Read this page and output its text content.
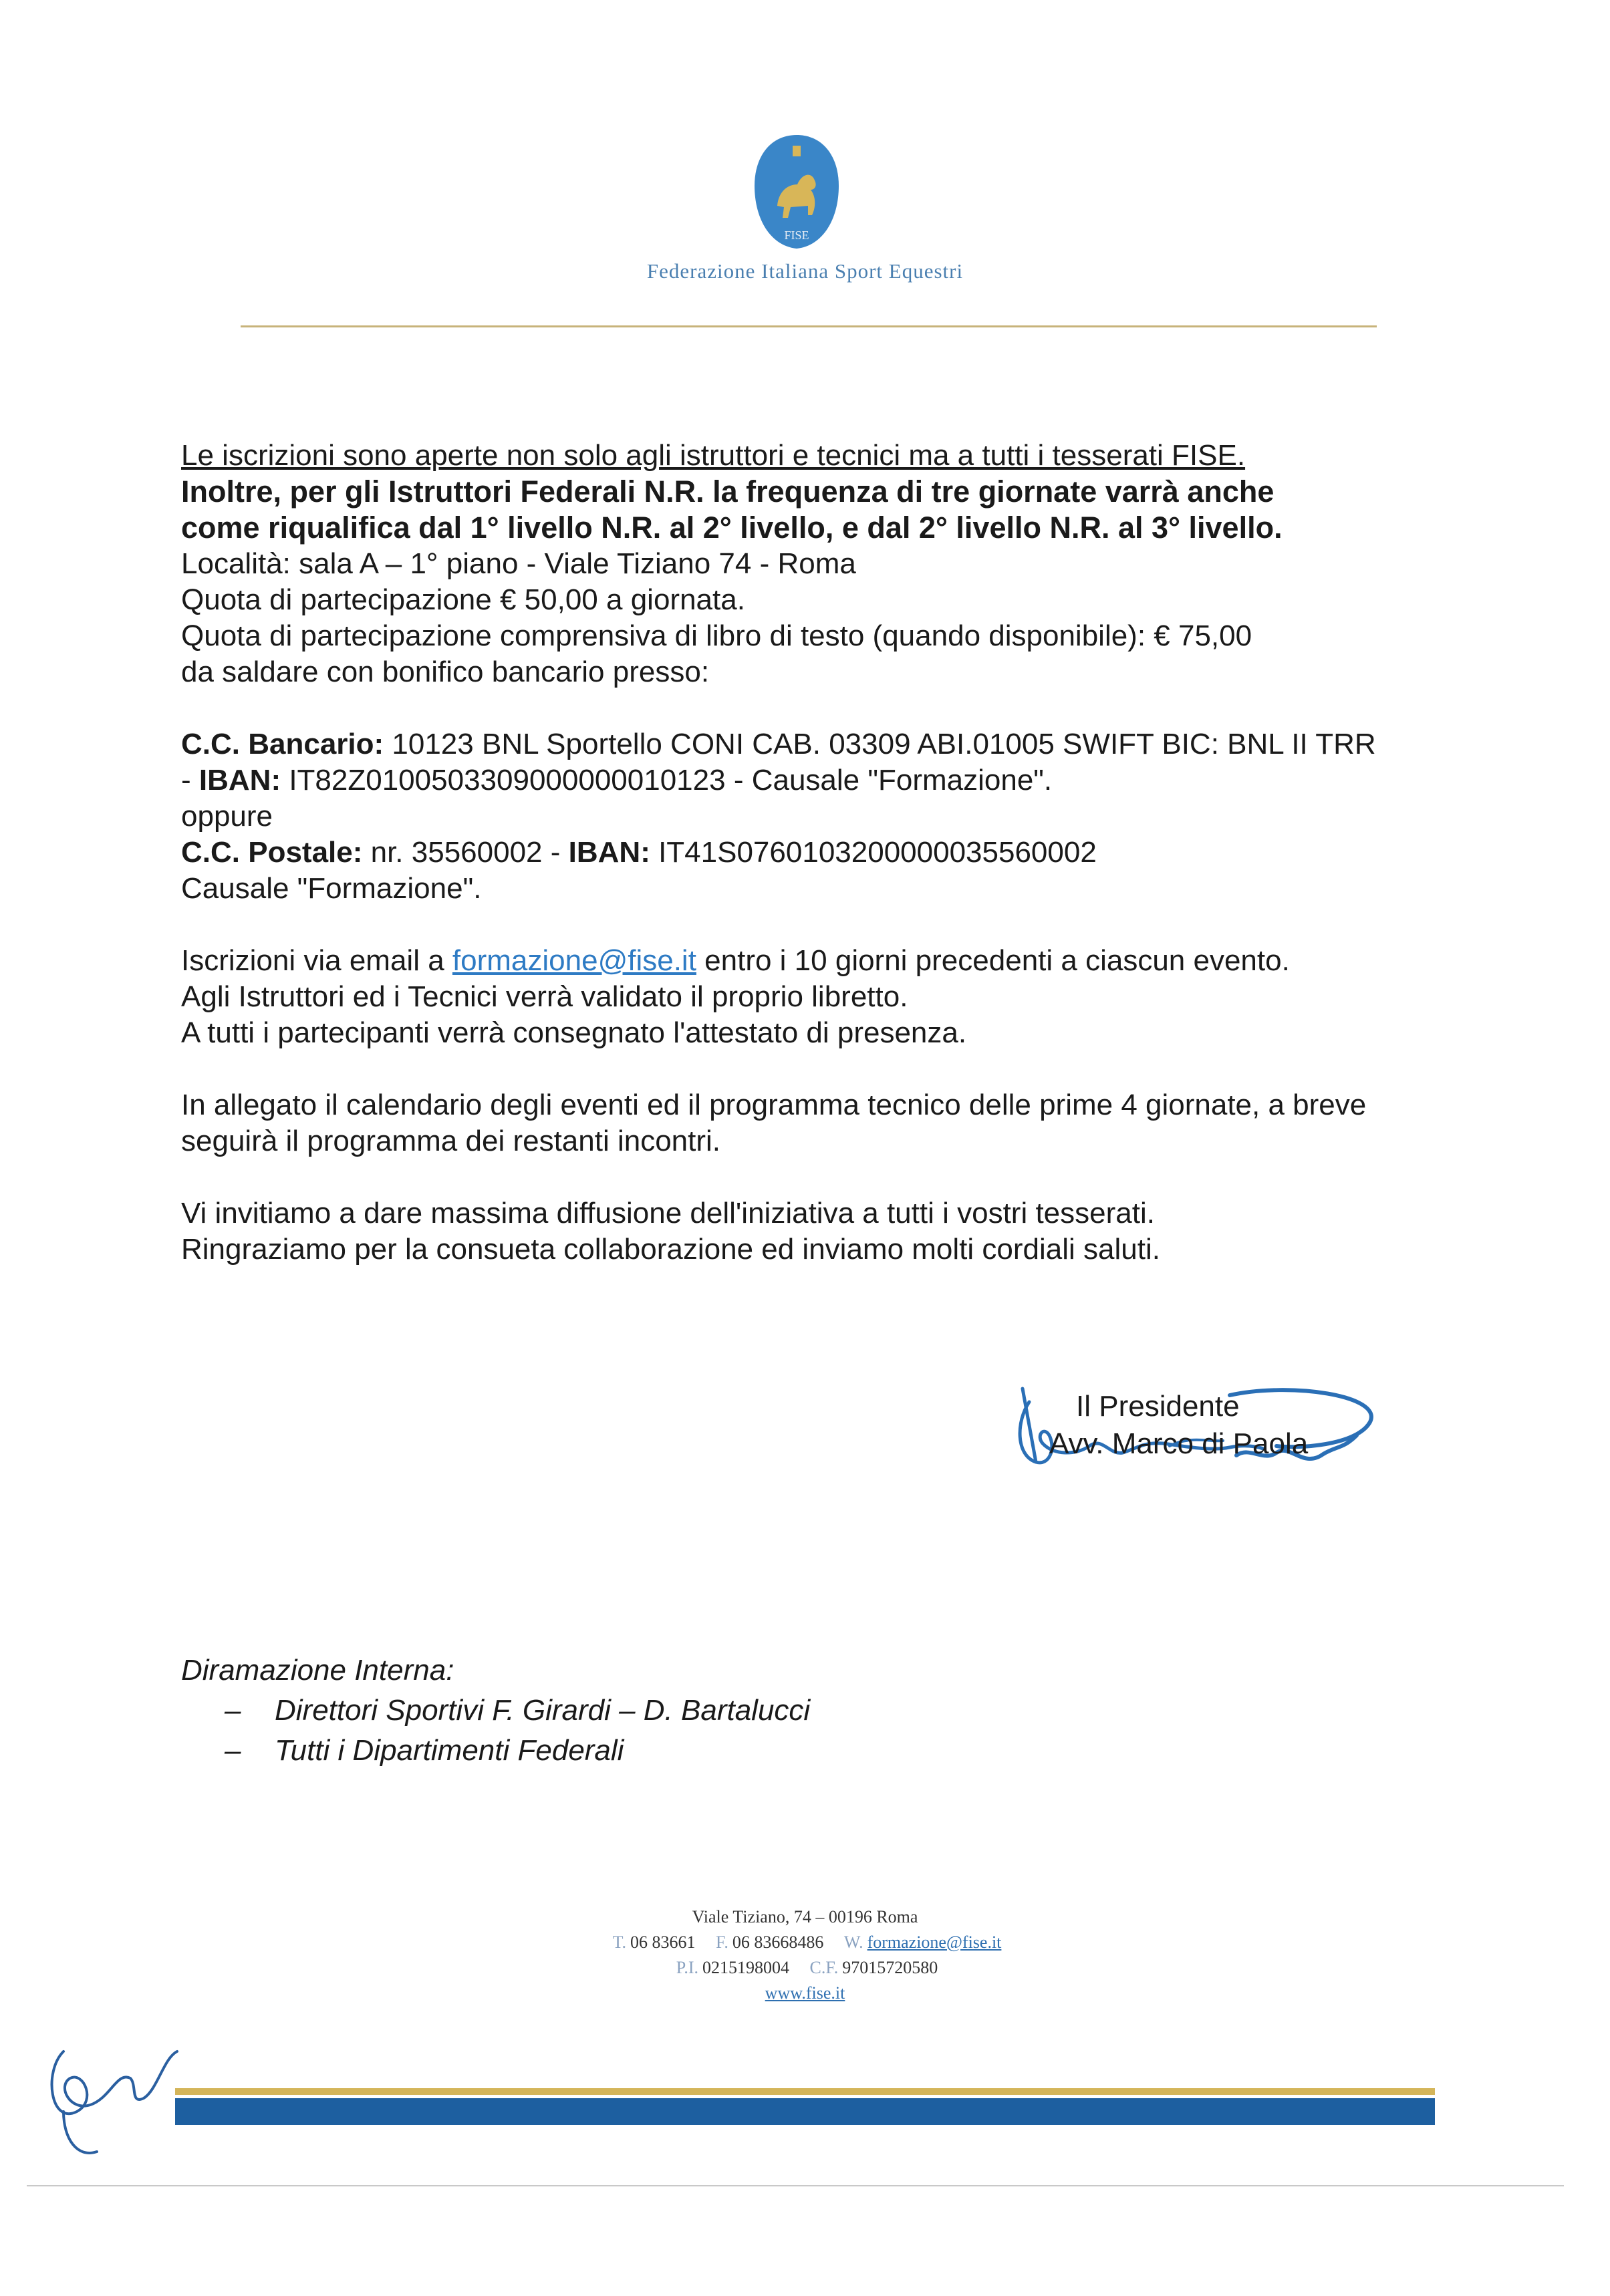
FISE
Federazione Italiana Sport Equestri

Le iscrizioni sono aperte non solo agli istruttori e tecnici ma a tutti i tesserati FISE.

Inoltre, per gli Istruttori Federali N.R. la frequenza di tre giornate varrà anche

come riqualifica dal 1° livello N.R. al 2° livello, e dal 2° livello N.R. al 3° livello.

Località: sala A – 1° piano - Viale Tiziano 74 - Roma

Quota di partecipazione € 50,00 a giornata.

Quota di partecipazione comprensiva di libro di testo (quando disponibile): € 75,00

da saldare con bonifico bancario presso:

C.C. Bancario: 10123 BNL Sportello CONI CAB. 03309 ABI.01005 SWIFT BIC: BNL II TRR

- IBAN: IT82Z0100503309000000010123 - Causale "Formazione".

oppure

C.C. Postale: nr. 35560002 - IBAN: IT41S0760103200000035560002

Causale "Formazione".

Iscrizioni via email a formazione@fise.it entro i 10 giorni precedenti a ciascun evento.

Agli Istruttori ed i Tecnici verrà validato il proprio libretto.

A tutti i partecipanti verrà consegnato l'attestato di presenza.

In allegato il calendario degli eventi ed il programma tecnico delle prime 4 giornate, a breve

seguirà il programma dei restanti incontri.

Vi invitiamo a dare massima diffusione dell'iniziativa a tutti i vostri tesserati.

Ringraziamo per la consueta collaborazione ed inviamo molti cordiali saluti.

Il Presidente
Avv. Marco di Paola

Diramazione Interna:

– Direttori Sportivi F. Girardi – D. Bartalucci

– Tutti i Dipartimenti Federali

Viale Tiziano, 74 – 00196 Roma
T. 06 83661 F. 06 83668486 W. formazione@fise.it
P.I. 0215198004 C.F. 97015720580
www.fise.it
